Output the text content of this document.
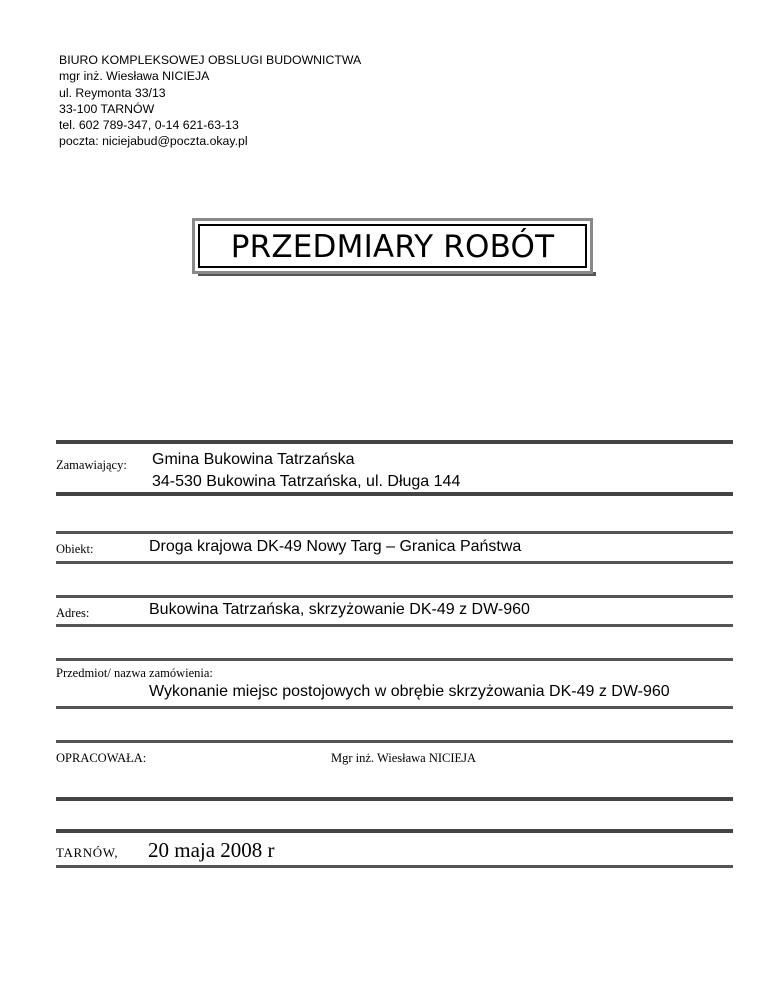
BIURO KOMPLEKSOWEJ OBSLUGI BUDOWNICTWA
mgr inż. Wiesława NICIEJA
ul. Reymonta 33/13
33-100 TARNÓW
tel. 602 789-347, 0-14 621-63-13
poczta: niciejabud@poczta.okay.pl
PRZEDMIARY ROBÓT
Zamawiający: Gmina Bukowina Tatrzańska
34-530 Bukowina Tatrzańska, ul. Długa 144
Obiekt:	Droga krajowa DK-49 Nowy Targ – Granica Państwa
Adres:	Bukowina Tatrzańska, skrzyżowanie DK-49 z DW-960
Przedmiot/ nazwa zamówienia:
Wykonanie miejsc postojowych w obrębie skrzyżowania DK-49 z DW-960
OPRACOWAŁA:	Mgr inż. Wiesława NICIEJA
TARNÓW, 20 maja 2008 r
